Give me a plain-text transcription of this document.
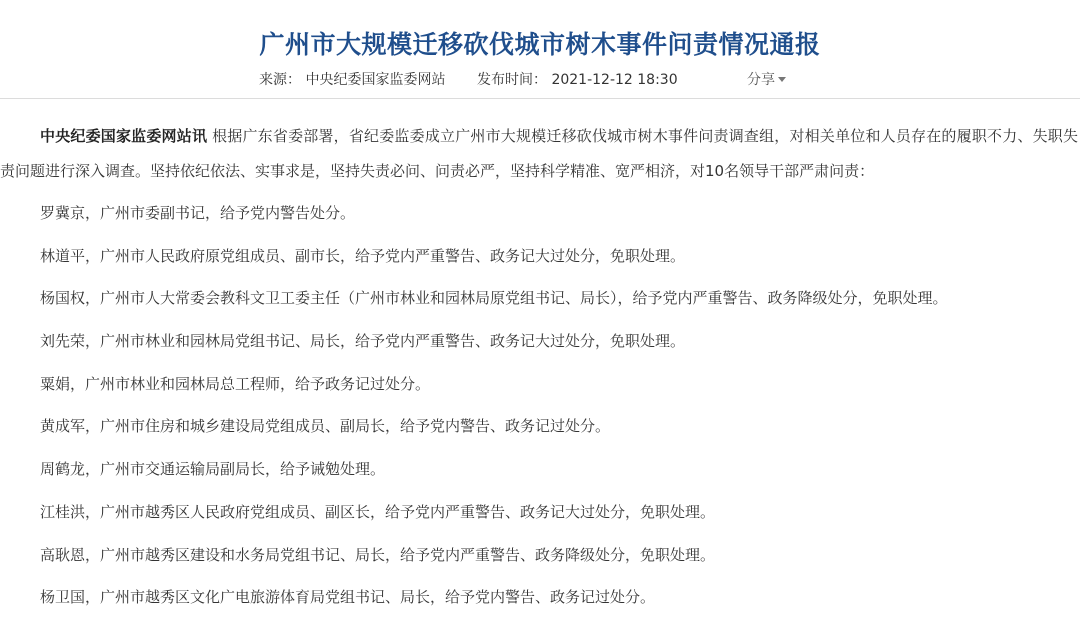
广州市大规模迁移砍伐城市树木事件问责情况通报
来源： 中央纪委国家监委网站 发布时间： 2021-12-12 18:30	分享

中央纪委国家监委网站讯 根据广东省委部署，省纪委监委成立广州市大规模迁移砍伐城市树木事件问责调查组，对相关单位和人员存在的履职不力、失职失责问题进行深入调查。坚持依纪依法、实事求是，坚持失责必问、问责必严，坚持科学精准、宽严相济，对10名领导干部严肃问责：

罗冀京，广州市委副书记，给予党内警告处分。
林道平，广州市人民政府原党组成员、副市长，给予党内严重警告、政务记大过处分，免职处理。
杨国权，广州市人大常委会教科文卫工委主任（广州市林业和园林局原党组书记、局长），给予党内严重警告、政务降级处分，免职处理。
刘先荣，广州市林业和园林局党组书记、局长，给予党内严重警告、政务记大过处分，免职处理。
粟娟，广州市林业和园林局总工程师，给予政务记过处分。
黄成军，广州市住房和城乡建设局党组成员、副局长，给予党内警告、政务记过处分。
周鹤龙，广州市交通运输局副局长，给予诫勉处理。
江桂洪，广州市越秀区人民政府党组成员、副区长，给予党内严重警告、政务记大过处分，免职处理。
高耿恩，广州市越秀区建设和水务局党组书记、局长，给予党内严重警告、政务降级处分，免职处理。
杨卫国，广州市越秀区文化广电旅游体育局党组书记、局长，给予党内警告、政务记过处分。
